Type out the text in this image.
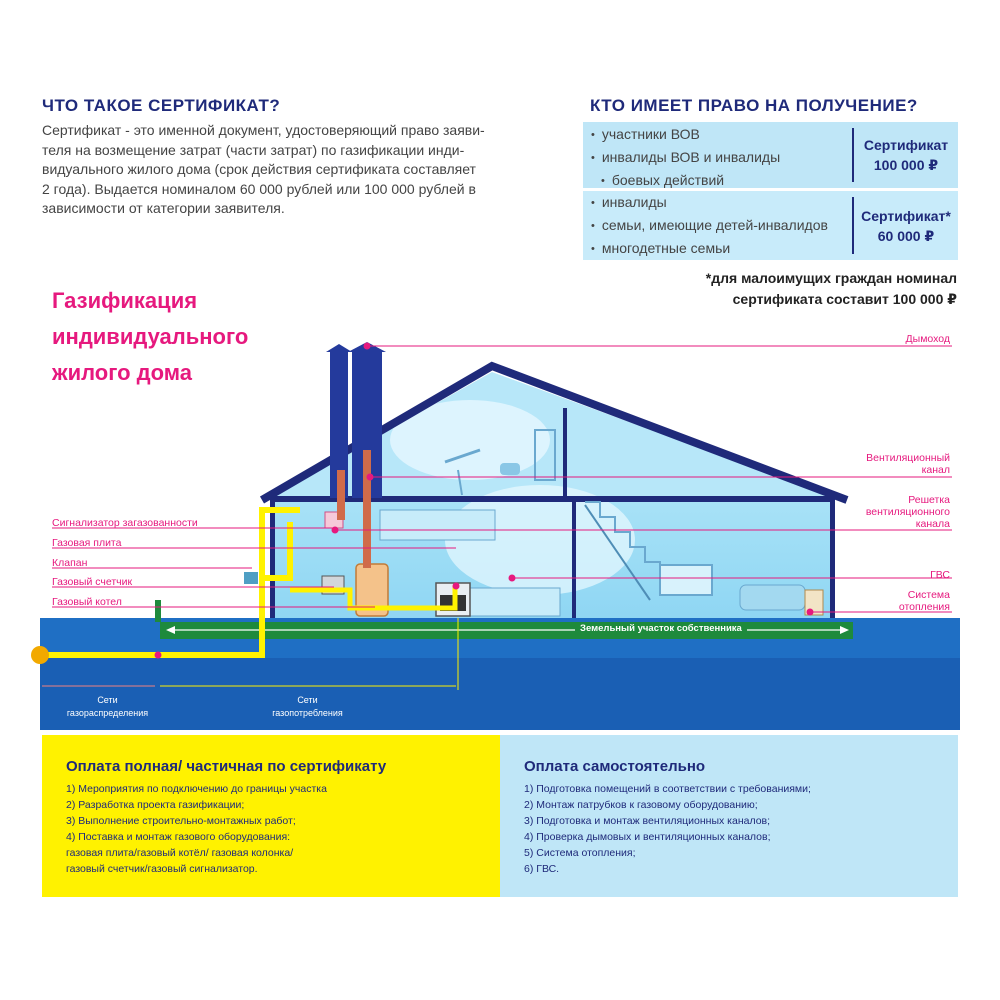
ЧТО ТАКОЕ СЕРТИФИКАТ?
Сертификат - это именной документ, удостоверяющий право заяви-
теля на возмещение затрат (части затрат) по газификации инди-
видуального жилого дома (срок действия сертификата составляет
2 года). Выдается номиналом 60 000 рублей или 100 000 рублей в
зависимости от категории заявителя.
КТО ИМЕЕТ ПРАВО НА ПОЛУЧЕНИЕ?
• участники ВОВ
• инвалиды ВОВ и инвалиды
• боевых действий
Сертификат
100 000 ₽
• инвалиды
• семьи, имеющие детей-инвалидов
• многодетные семьи
Сертификат*
60 000 ₽
*для малоимущих граждан номинал
сертификата составит 100 000 ₽
Газификация
индивидуального
жилого дома
Сигнализатор загазованности
Газовая плита
Клапан
Газовый счетчик
Газовый котел
Дымоход
Вентиляционный
канал
Решетка
вентиляционного
канала
ГВС
Система
отопления
Земельный участок собственника
Сети
газораспределения
Сети
газопотребления
Оплата полная/ частичная по сертификату
1) Мероприятия по подключению до границы участка
2) Разработка проекта газификации;
3) Выполнение строительно-монтажных работ;
4) Поставка и монтаж газового оборудования:
газовая плита/газовый котёл/ газовая колонка/
газовый счетчик/газовый сигнализатор.
Оплата самостоятельно
1) Подготовка помещений в соответствии с требованиями;
2) Монтаж патрубков к газовому оборудованию;
3) Подготовка и монтаж вентиляционных каналов;
4) Проверка дымовых и вентиляционных каналов;
5) Система отопления;
6) ГВС.
